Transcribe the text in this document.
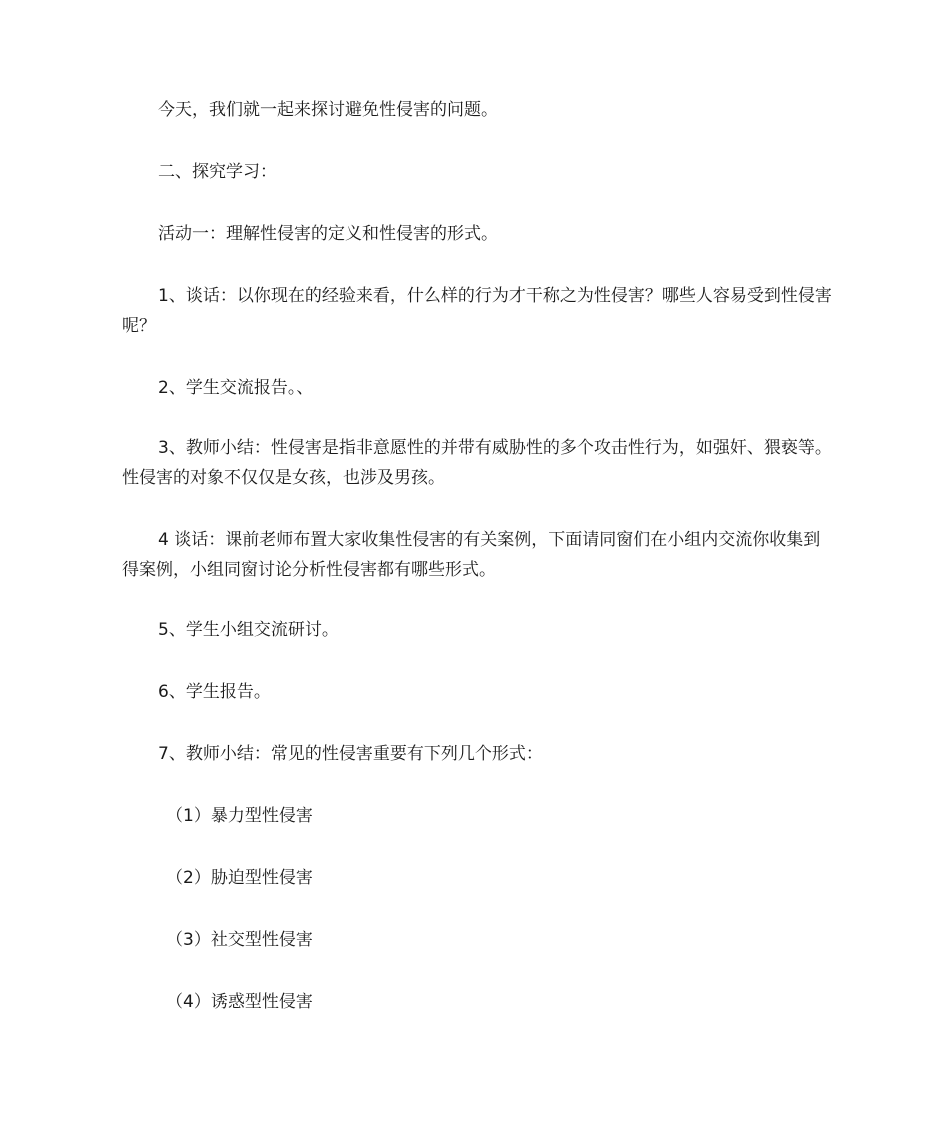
今天，我们就一起来探讨避免性侵害的问题。

二、探究学习：

活动一：理解性侵害的定义和性侵害的形式。

1、谈话：以你现在的经验来看，什么样的行为才干称之为性侵害？哪些人容易受到性侵害呢？

2、学生交流报告。、

3、教师小结：性侵害是指非意愿性的并带有威胁性的多个攻击性行为，如强奸、猥亵等。性侵害的对象不仅仅是女孩，也涉及男孩。

4 谈话：课前老师布置大家收集性侵害的有关案例，下面请同窗们在小组内交流你收集到得案例，小组同窗讨论分析性侵害都有哪些形式。

5、学生小组交流研讨。

6、学生报告。

7、教师小结：常见的性侵害重要有下列几个形式：

（1）暴力型性侵害

（2）胁迫型性侵害

（3）社交型性侵害

（4）诱惑型性侵害
